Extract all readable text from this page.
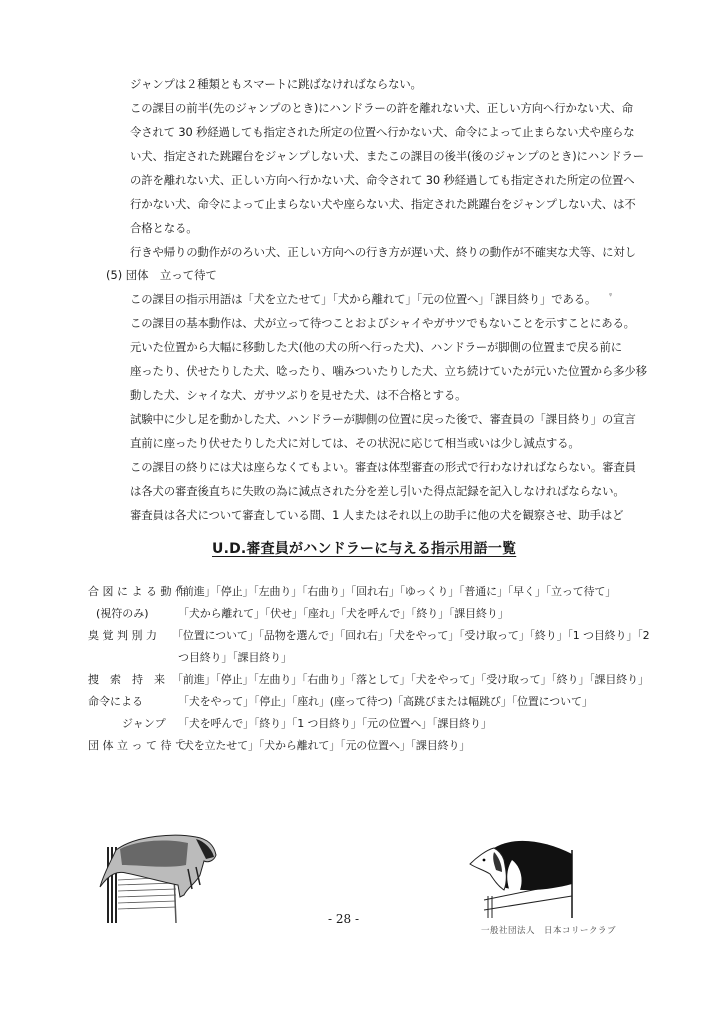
ジャンプは２種類ともスマートに跳ばなければならない。
この課目の前半(先のジャンプのとき)にハンドラーの許を離れない犬、正しい方向へ行かない犬、命
令されて 30 秒経過しても指定された所定の位置へ行かない犬、命令によって止まらない犬や座らな
い犬、指定された跳躍台をジャンプしない犬、またこの課目の後半(後のジャンプのとき)にハンドラー
の許を離れない犬、正しい方向へ行かない犬、命令されて 30 秒経過しても指定された所定の位置へ
行かない犬、命令によって止まらない犬や座らない犬、指定された跳躍台をジャンプしない犬、は不
合格となる。
行きや帰りの動作がのろい犬、正しい方向への行き方が遅い犬、終りの動作が不確実な犬等、に対し
(5) 団体　立って待て
この課目の指示用語は「犬を立たせて」「犬から離れて」「元の位置へ」「課目終り」である。
この課目の基本動作は、犬が立って待つことおよびシャイやガサツでもないことを示すことにある。
元いた位置から大幅に移動した犬(他の犬の所へ行った犬)、ハンドラーが脚側の位置まで戻る前に
座ったり、伏せたりした犬、唸ったり、噛みついたりした犬、立ち続けていたが元いた位置から多少移
動した犬、シャイな犬、ガサツぶりを見せた犬、は不合格とする。
試験中に少し足を動かした犬、ハンドラーが脚側の位置に戻った後で、審査員の「課目終り」の宣言
直前に座ったり伏せたりした犬に対しては、その状況に応じて相当或いは少し減点する。
この課目の終りには犬は座らなくてもよい。審査は体型審査の形式で行わなければならない。審査員
は各犬の審査後直ちに失敗の為に減点された分を差し引いた得点記録を記入しなければならない。
審査員は各犬について審査している間、1 人またはそれ以上の助手に他の犬を観察させ、助手はど
U.D.審査員がハンドラーに与える指示用語一覧
合 図 に よ る 動 作
「前進」「停止」「左曲り」「右曲り」「回れ右」「ゆっくり」「普通に」「早く」「立って待て」
(視符のみ)	「犬から離れて」「伏せ」「座れ」「犬を呼んで」「終り」「課目終り」
臭 覚 判 別 力 「位置について」「品物を選んで」「回れ右」「犬をやって」「受け取って」「終り」「1 つ目終り」「2
つ目終り」「課目終り」
捜　索　持　来 「前進」「停止」「左曲り」「右曲り」「落として」「犬をやって」「受け取って」「終り」「課目終り」
命令による	「犬をやって」「停止」「座れ」(座って待つ)「高跳びまたは幅跳び」「位置について」
ジャンプ 「犬を呼んで」「終り」「1 つ目終り」「元の位置へ」「課目終り」
団 体 立 っ て 待 て
「犬を立たせて」「犬から離れて」「元の位置へ」「課目終り」
ᵠ
- 28 -
一般社団法人　日本コリークラブ
